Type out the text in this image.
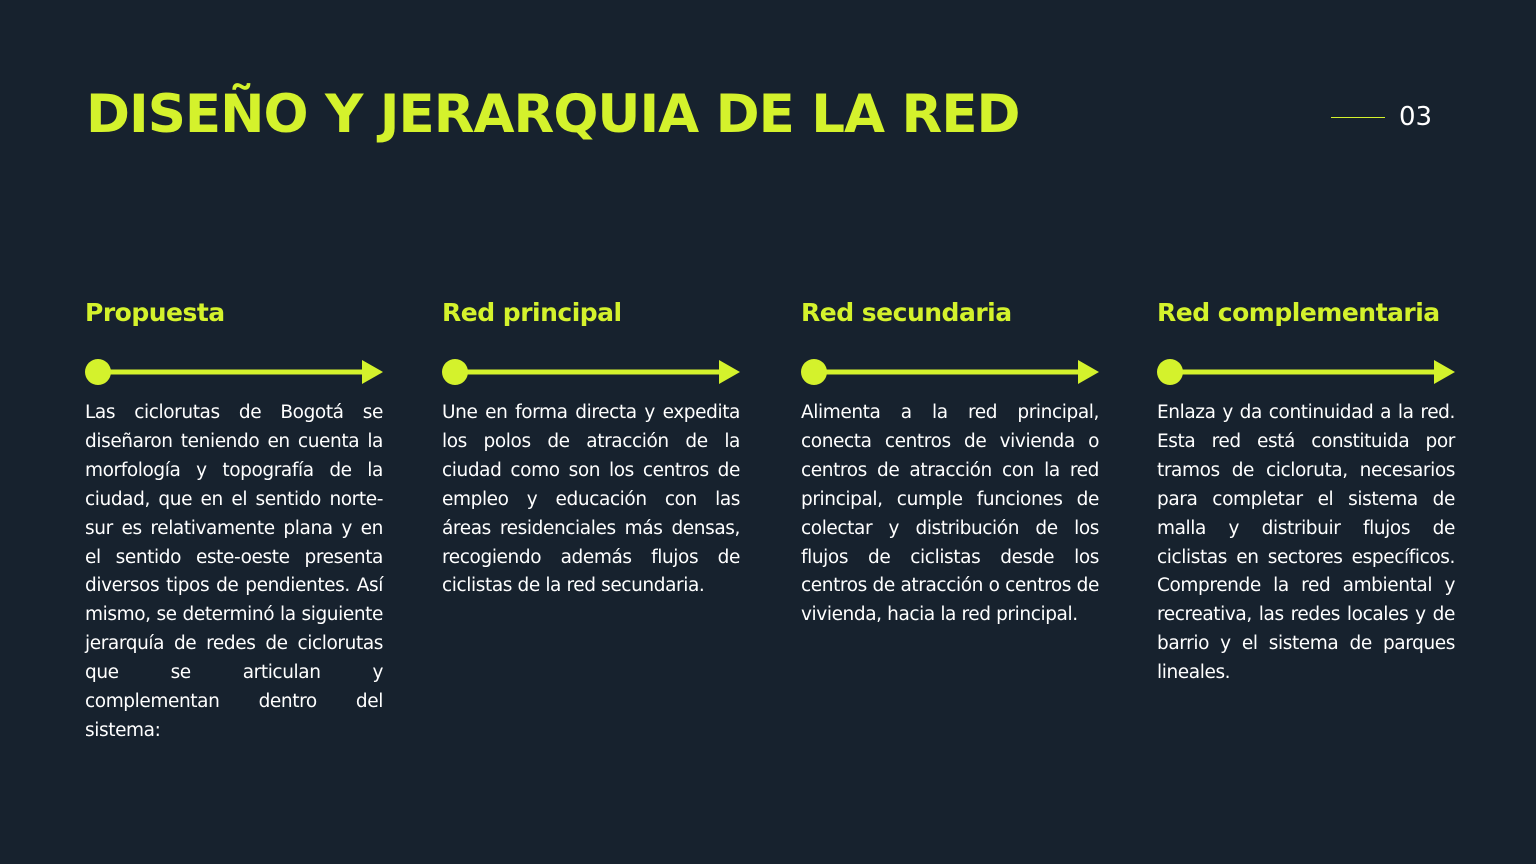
DISEÑO Y JERARQUIA DE LA RED	03
Propuesta

Las ciclorutas de Bogotá se diseñaron teniendo en cuenta la morfología y topografía de la ciudad, que en el sentido norte-sur es relativamente plana y en el sentido este-oeste presenta diversos tipos de pendientes. Así mismo, se determinó la siguiente jerarquía de redes de ciclorutas que se articulan y complementan dentro del sistema:

Red principal

Une en forma directa y expedita los polos de atracción de la ciudad como son los centros de empleo y educación con las áreas residenciales más densas, recogiendo además flujos de ciclistas de la red secundaria.

Red secundaria

Alimenta a la red principal, conecta centros de vivienda o centros de atracción con la red principal, cumple funciones de colectar y distribución de los flujos de ciclistas desde los centros de atracción o centros de vivienda, hacia la red principal.

Red complementaria

Enlaza y da continuidad a la red. Esta red está constituida por tramos de cicloruta, necesarios para completar el sistema de malla y distribuir flujos de ciclistas en sectores específicos. Comprende la red ambiental y recreativa, las redes locales y de barrio y el sistema de parques lineales.
